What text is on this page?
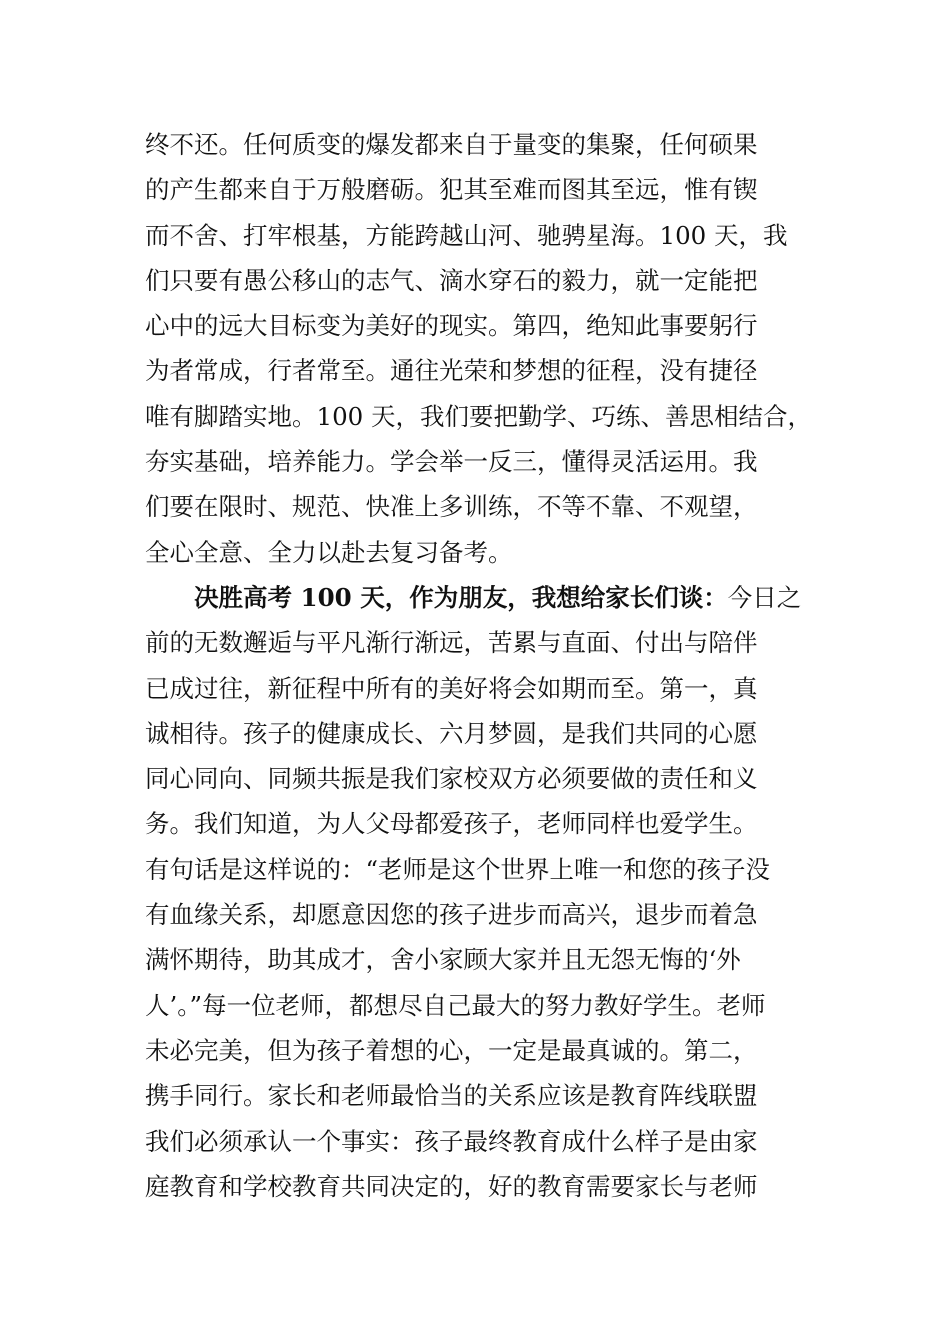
终不还。任何质变的爆发都来自于量变的集聚，任何硕果
的产生都来自于万般磨砺。犯其至难而图其至远，惟有锲
而不舍、打牢根基，方能跨越山河、驰骋星海。100 天，我
们只要有愚公移山的志气、滴水穿石的毅力，就一定能把
心中的远大目标变为美好的现实。第四，绝知此事要躬行
为者常成，行者常至。通往光荣和梦想的征程，没有捷径
唯有脚踏实地。100 天，我们要把勤学、巧练、善思相结合，
夯实基础，培养能力。学会举一反三，懂得灵活运用。我
们要在限时、规范、快准上多训练，不等不靠、不观望，
全心全意、全力以赴去复习备考。
决胜高考 100 天，作为朋友，我想给家长们谈：今日之
前的无数邂逅与平凡渐行渐远，苦累与直面、付出与陪伴
已成过往，新征程中所有的美好将会如期而至。第一，真
诚相待。孩子的健康成长、六月梦圆，是我们共同的心愿
同心同向、同频共振是我们家校双方必须要做的责任和义
务。我们知道，为人父母都爱孩子，老师同样也爱学生。
有句话是这样说的：“老师是这个世界上唯一和您的孩子没
有血缘关系，却愿意因您的孩子进步而高兴，退步而着急
满怀期待，助其成才，舍小家顾大家并且无怨无悔的‘外
人’。”每一位老师，都想尽自己最大的努力教好学生。老师
未必完美，但为孩子着想的心，一定是最真诚的。第二，
携手同行。家长和老师最恰当的关系应该是教育阵线联盟
我们必须承认一个事实：孩子最终教育成什么样子是由家
庭教育和学校教育共同决定的，好的教育需要家长与老师
